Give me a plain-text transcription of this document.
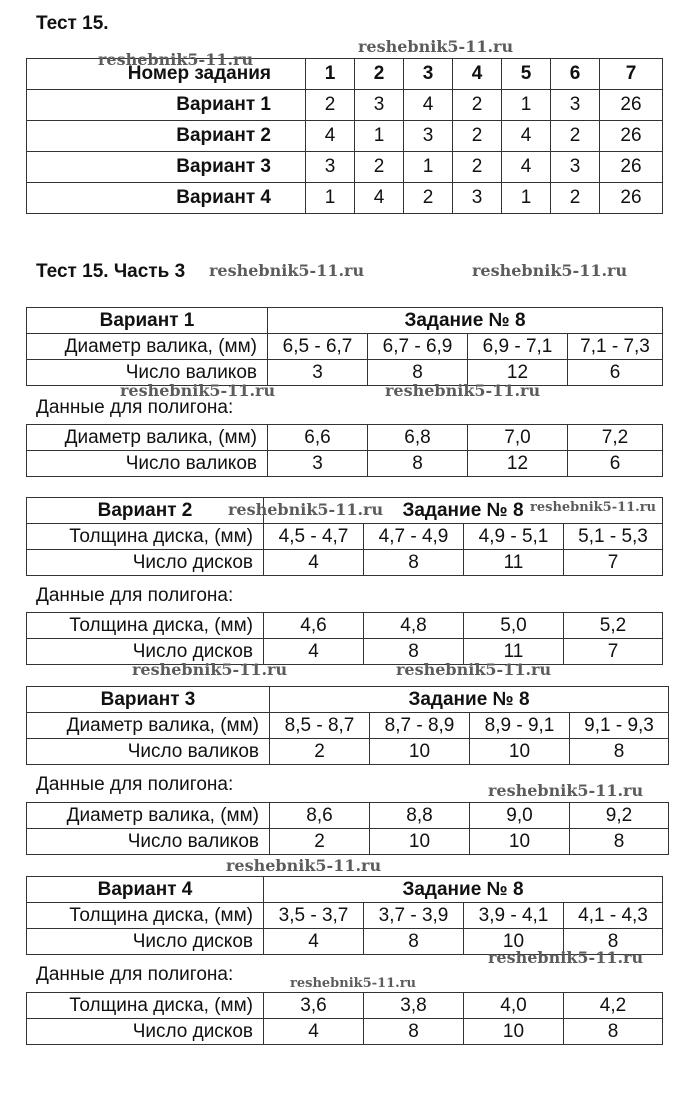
Тест 15.
Номер задания	1	2	3	4	5	6	7
Вариант 1	2	3	4	2	1	3	26
Вариант 2	4	1	3	2	4	2	26
Вариант 3	3	2	1	2	4	3	26
Вариант 4	1	4	2	3	1	2	26
Тест 15. Часть 3
Вариант 1	Задание № 8			
Диаметр валика, (мм)	6,5 - 6,7	6,7 - 6,9	6,9 - 7,1	7,1 - 7,3
Число валиков	3	8	12	6
Данные для полигона:
Диаметр валика, (мм)	6,6	6,8	7,0	7,2
Число валиков	3	8	12	6
Вариант 2	Задание № 8			
Толщина диска, (мм)	4,5 - 4,7	4,7 - 4,9	4,9 - 5,1	5,1 - 5,3
Число дисков	4	8	11	7
Данные для полигона:
Толщина диска, (мм)	4,6	4,8	5,0	5,2
Число дисков	4	8	11	7
Вариант 3	Задание № 8			
Диаметр валика, (мм)	8,5 - 8,7	8,7 - 8,9	8,9 - 9,1	9,1 - 9,3
Число валиков	2	10	10	8
Данные для полигона:
Диаметр валика, (мм)	8,6	8,8	9,0	9,2
Число валиков	2	10	10	8
Вариант 4	Задание № 8			
Толщина диска, (мм)	3,5 - 3,7	3,7 - 3,9	3,9 - 4,1	4,1 - 4,3
Число дисков	4	8	10	8
Данные для полигона:
Толщина диска, (мм)	3,6	3,8	4,0	4,2
Число дисков	4	8	10	8
reshebnik5-11.ru
reshebnik5-11.ru
reshebnik5-11.ru	reshebnik5-11.ru
reshebnik5-11.ru	reshebnik5-11.ru
reshebnik5-11.ru	reshebnik5-11.ru
reshebnik5-11.ru	reshebnik5-11.ru
reshebnik5-11.ru
reshebnik5-11.ru
reshebnik5-11.ru
reshebnik5-11.ru
